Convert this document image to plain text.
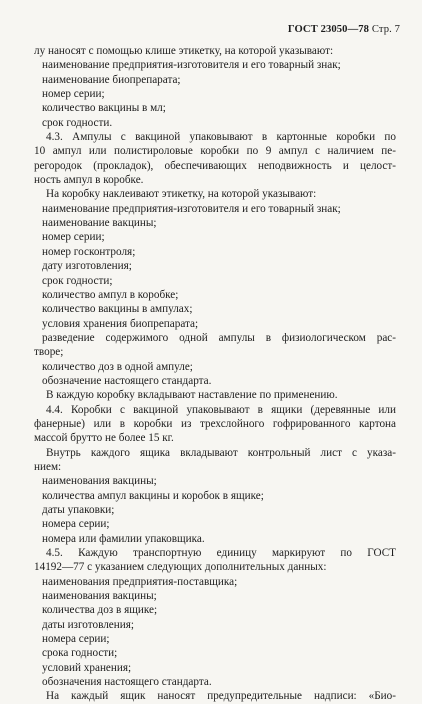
ГОСТ 23050—78 Стр. 7
лу наносят с помощью клише этикетку, на которой указывают:
наименование предприятия-изготовителя и его товарный знак;
наименование биопрепарата;
номер серии;
количество вакцины в мл;
срок годности.
4.3. Ампулы с вакциной упаковывают в картонные коробки по
10 ампул или полистироловые коробки по 9 ампул с наличием пе-
регородок (прокладок), обеспечивающих неподвижность и целост-
ность ампул в коробке.
На коробку наклеивают этикетку, на которой указывают:
наименование предприятия-изготовителя и его товарный знак;
наименование вакцины;
номер серии;
номер госконтроля;
дату изготовления;
срок годности;
количество ампул в коробке;
количество вакцины в ампулах;
условия хранения биопрепарата;
разведение содержимого одной ампулы в физиологическом рас-
творе;
количество доз в одной ампуле;
обозначение настоящего стандарта.
В каждую коробку вкладывают наставление по применению.
4.4. Коробки с вакциной упаковывают в ящики (деревянные или
фанерные) или в коробки из трехслойного гофрированного картона
массой брутто не более 15 кг.
Внутрь каждого ящика вкладывают контрольный лист с указа-
нием:
наименования вакцины;
количества ампул вакцины и коробок в ящике;
даты упаковки;
номера серии;
номера или фамилии упаковщика.
4.5. Каждую транспортную единицу маркируют по ГОСТ
14192—77 с указанием следующих дополнительных данных:
наименования предприятия-поставщика;
наименования вакцины;
количества доз в ящике;
даты изготовления;
номера серии;
срока годности;
условий хранения;
обозначения настоящего стандарта.
На каждый ящик наносят предупредительные надписи: «Био-
